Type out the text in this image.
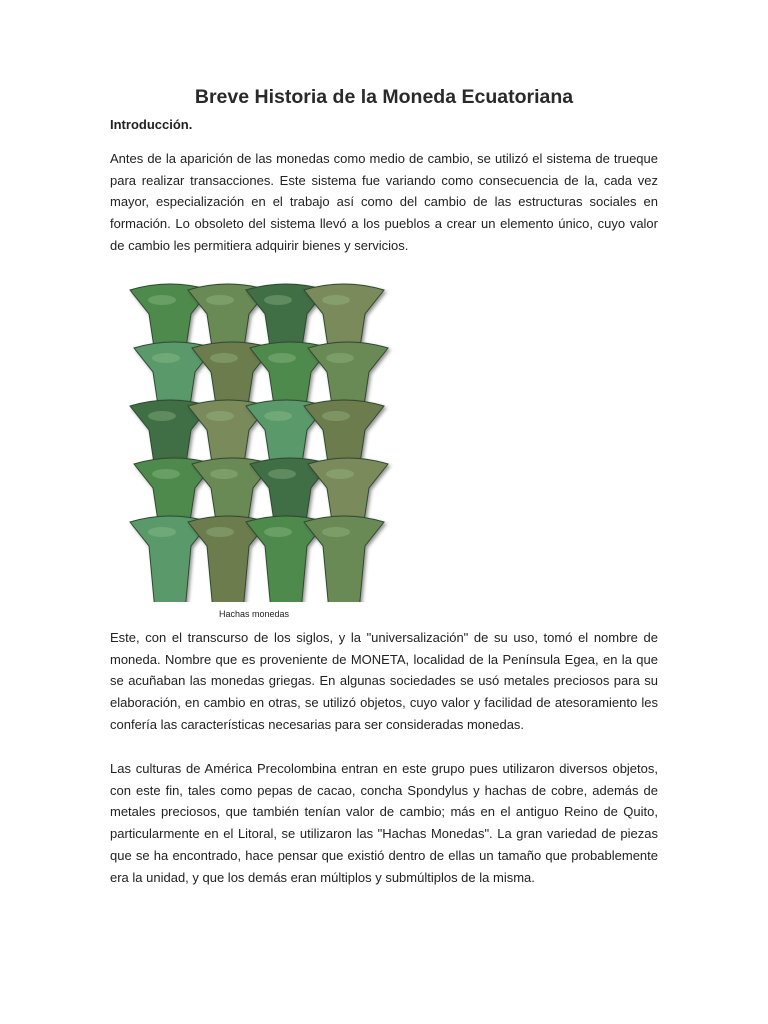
Breve Historia de la Moneda Ecuatoriana

Introducción.

Antes de la aparición de las monedas como medio de cambio, se utilizó el sistema de trueque para realizar transacciones. Este sistema fue variando como consecuencia de la, cada vez mayor, especialización en el trabajo así como del cambio de las estructuras sociales en formación. Lo obsoleto del sistema llevó a los pueblos a crear un elemento único, cuyo valor de cambio les permitiera adquirir bienes y servicios.

Hachas monedas

Este, con el transcurso de los siglos, y la "universalización" de su uso, tomó el nombre de moneda. Nombre que es proveniente de MONETA, localidad de la Península Egea, en la que se acuñaban las monedas griegas. En algunas sociedades se usó metales preciosos para su elaboración, en cambio en otras, se utilizó objetos, cuyo valor y facilidad de atesoramiento les confería las características necesarias para ser consideradas monedas.

Las culturas de América Precolombina entran en este grupo pues utilizaron diversos objetos, con este fin, tales como pepas de cacao, concha Spondylus y hachas de cobre, además de metales preciosos, que también tenían valor de cambio; más en el antiguo Reino de Quito, particularmente en el Litoral, se utilizaron las "Hachas Monedas". La gran variedad de piezas que se ha encontrado, hace pensar que existió dentro de ellas un tamaño que probablemente era la unidad, y que los demás eran múltiplos y submúltiplos de la misma.
